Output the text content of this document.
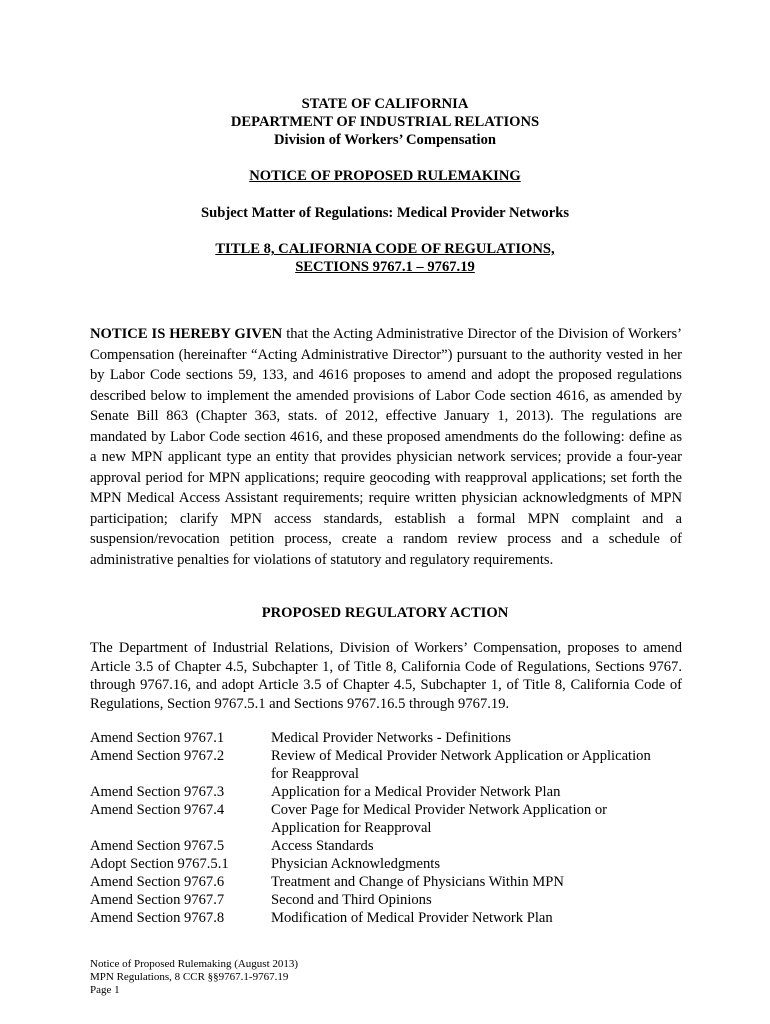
STATE OF CALIFORNIA
DEPARTMENT OF INDUSTRIAL RELATIONS
Division of Workers’ Compensation
NOTICE OF PROPOSED RULEMAKING
Subject Matter of Regulations: Medical Provider Networks
TITLE 8, CALIFORNIA CODE OF REGULATIONS,
SECTIONS 9767.1 – 9767.19
NOTICE IS HEREBY GIVEN that the Acting Administrative Director of the Division of Workers’ Compensation (hereinafter “Acting Administrative Director”) pursuant to the authority vested in her by Labor Code sections 59, 133, and 4616 proposes to amend and adopt the proposed regulations described below to implement the amended provisions of Labor Code section 4616, as amended by Senate Bill 863 (Chapter 363, stats. of 2012, effective January 1, 2013). The regulations are mandated by Labor Code section 4616, and these proposed amendments do the following: define as a new MPN applicant type an entity that provides physician network services; provide a four-year approval period for MPN applications; require geocoding with reapproval applications; set forth the MPN Medical Access Assistant requirements; require written physician acknowledgments of MPN participation; clarify MPN access standards, establish a formal MPN complaint and a suspension/revocation petition process, create a random review process and a schedule of administrative penalties for violations of statutory and regulatory requirements.
PROPOSED REGULATORY ACTION
The Department of Industrial Relations, Division of Workers’ Compensation, proposes to amend Article 3.5 of Chapter 4.5, Subchapter 1, of Title 8, California Code of Regulations, Sections 9767. through 9767.16, and adopt Article 3.5 of Chapter 4.5, Subchapter 1, of Title 8, California Code of Regulations, Section 9767.5.1 and Sections 9767.16.5 through 9767.19.
Amend Section 9767.1	Medical Provider Networks - Definitions
Amend Section 9767.2	Review of Medical Provider Network Application or Application
for Reapproval
Amend Section 9767.3	Application for a Medical Provider Network Plan
Amend Section 9767.4	Cover Page for Medical Provider Network Application or
Application for Reapproval
Amend Section 9767.5	Access Standards
Adopt Section 9767.5.1	Physician Acknowledgments
Amend Section 9767.6	Treatment and Change of Physicians Within MPN
Amend Section 9767.7	Second and Third Opinions
Amend Section 9767.8	Modification of Medical Provider Network Plan
Notice of Proposed Rulemaking (August 2013)
MPN Regulations, 8 CCR §§9767.1-9767.19
Page 1
